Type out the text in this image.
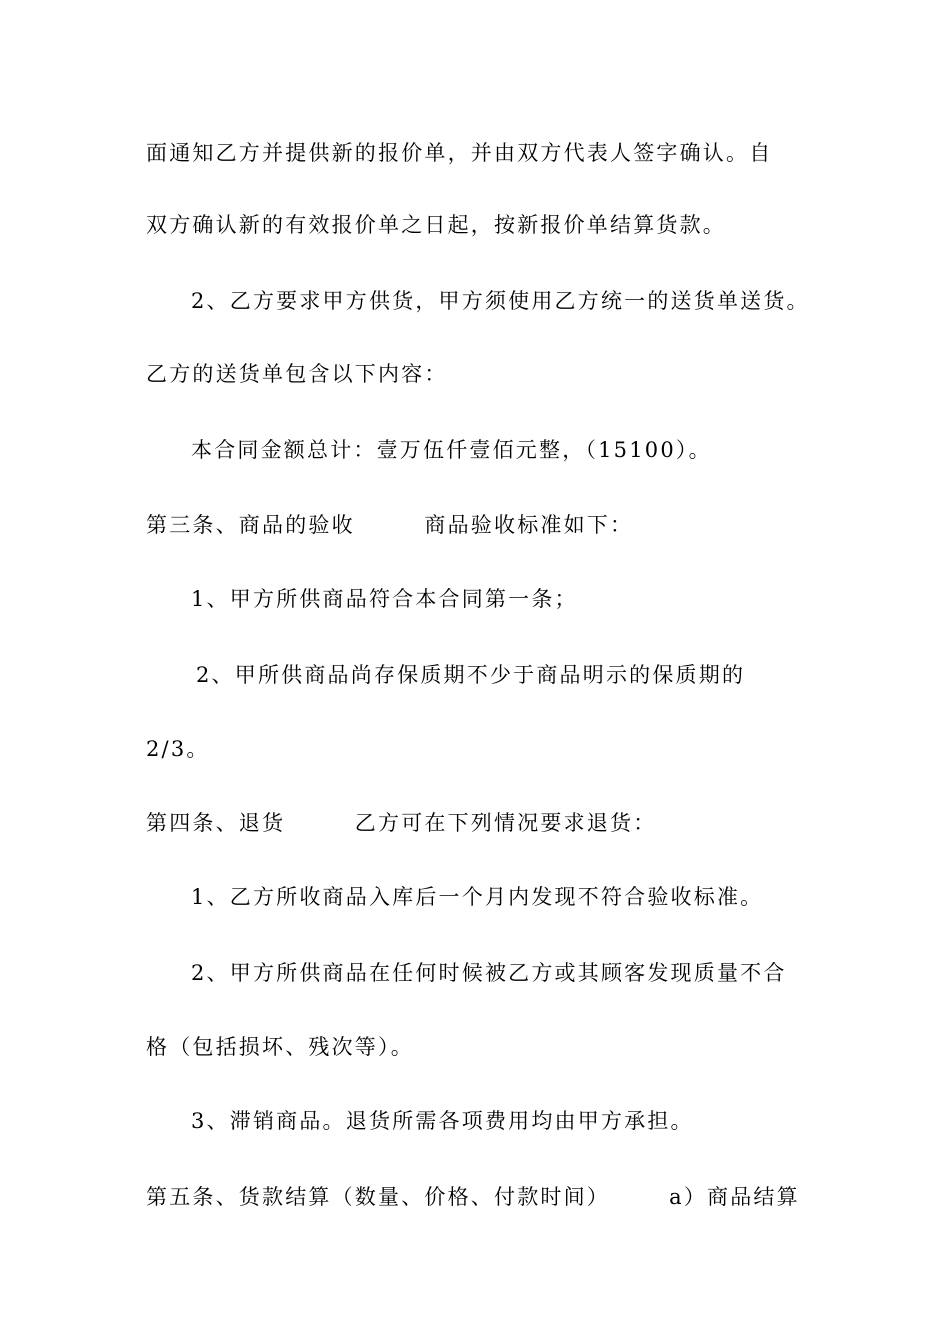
面通知乙方并提供新的报价单，并由双方代表人签字确认。自
双方确认新的有效报价单之日起，按新报价单结算货款。
2、乙方要求甲方供货，甲方须使用乙方统一的送货单送货。
乙方的送货单包含以下内容：
本合同金额总计：壹万伍仟壹佰元整，（15100）。
第三条、商品的验收　　　商品验收标准如下：
1、甲方所供商品符合本合同第一条；
2、甲所供商品尚存保质期不少于商品明示的保质期的
2/3。
第四条、退货　　　乙方可在下列情况要求退货：
1、乙方所收商品入库后一个月内发现不符合验收标准。
2、甲方所供商品在任何时候被乙方或其顾客发现质量不合
格（包括损坏、残次等）。
3、滞销商品。退货所需各项费用均由甲方承担。
第五条、货款结算（数量、价格、付款时间）　　　a）商品结算
